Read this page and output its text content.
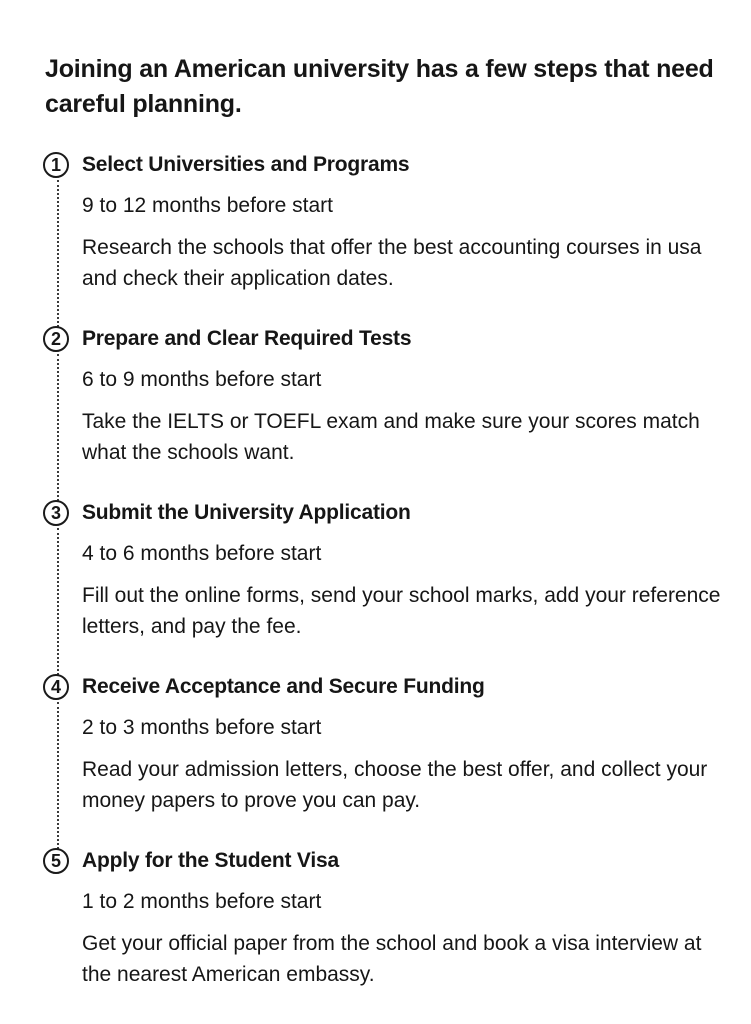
Joining an American university has a few steps that need careful planning.
1	Select Universities and Programs
9 to 12 months before start
Research the schools that offer the best accounting courses in usa and check their application dates.
2	Prepare and Clear Required Tests
6 to 9 months before start
Take the IELTS or TOEFL exam and make sure your scores match what the schools want.
3	Submit the University Application
4 to 6 months before start
Fill out the online forms, send your school marks, add your reference letters, and pay the fee.
4	Receive Acceptance and Secure Funding
2 to 3 months before start
Read your admission letters, choose the best offer, and collect your money papers to prove you can pay.
5	Apply for the Student Visa
1 to 2 months before start
Get your official paper from the school and book a visa interview at the nearest American embassy.
